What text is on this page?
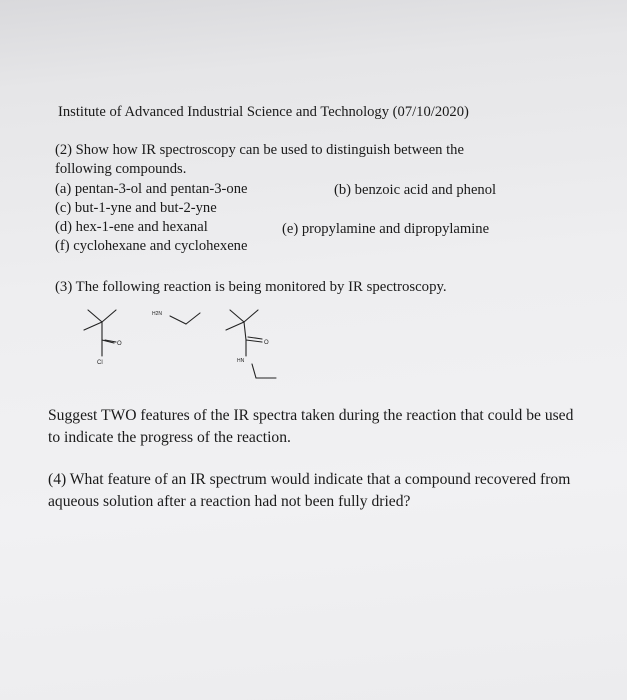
Institute of Advanced Industrial Science and Technology (07/10/2020)
(2) Show how IR spectroscopy can be used to distinguish between the
following compounds.
(a) pentan-3-ol and pentan-3-one	(b) benzoic acid and phenol
(c) but-1-yne and but-2-yne
(d) hex-1-ene and hexanal	(e) propylamine and dipropylamine
(f) cyclohexane and cyclohexene
(3) The following reaction is being monitored by IR spectroscopy.
Cl
O
H2N
O
HN
Suggest TWO features of the IR spectra taken during the reaction that could be used to indicate the progress of the reaction.
(4) What feature of an IR spectrum would indicate that a compound recovered from aqueous solution after a reaction had not been fully dried?
